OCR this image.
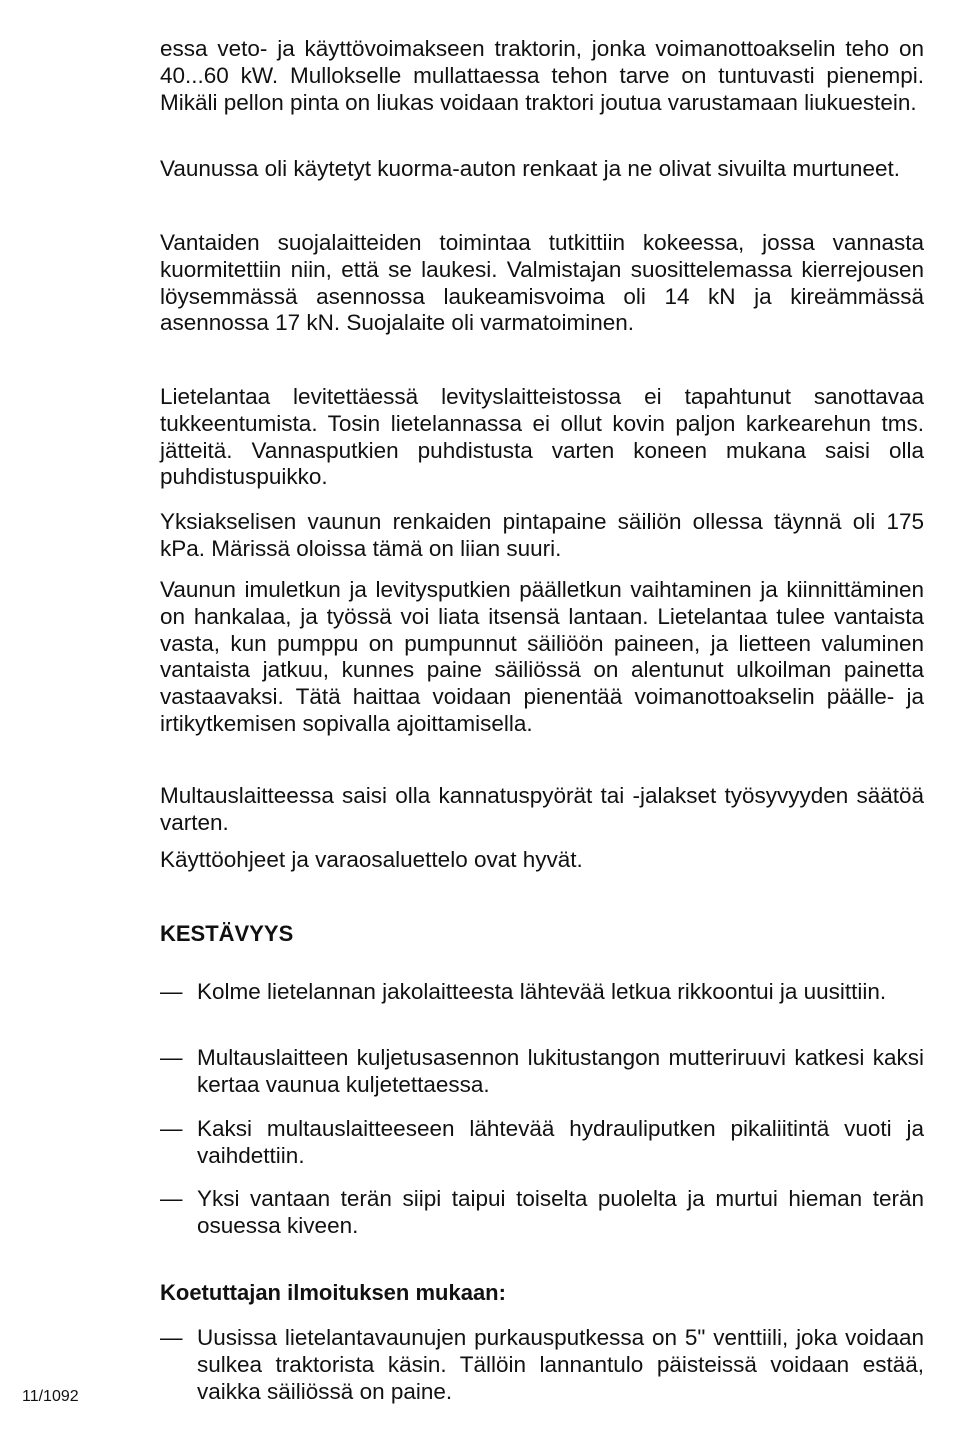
essa veto- ja käyttövoimakseen traktorin, jonka voimanottoakselin teho on 40...60 kW. Mullokselle mullattaessa tehon tarve on tuntuvasti pienempi. Mikäli pellon pinta on liukas voidaan traktori joutua varustamaan liukuestein.

Vaunussa oli käytetyt kuorma-auton renkaat ja ne olivat sivuilta murtuneet.

Vantaiden suojalaitteiden toimintaa tutkittiin kokeessa, jossa vannasta kuormitettiin niin, että se laukesi. Valmistajan suosittelemassa kierrejousen löysemmässä asennossa laukeamisvoima oli 14 kN ja kireämmässä asennossa 17 kN. Suojalaite oli varmatoiminen.

Lietelantaa levitettäessä levityslaitteistossa ei tapahtunut sanottavaa tukkeentumista. Tosin lietelannassa ei ollut kovin paljon karkearehun tms. jätteitä. Vannasputkien puhdistusta varten koneen mukana saisi olla puhdistuspuikko.

Yksiakselisen vaunun renkaiden pintapaine säiliön ollessa täynnä oli 175 kPa. Märissä oloissa tämä on liian suuri.

Vaunun imuletkun ja levitysputkien päälletkun vaihtaminen ja kiinnittäminen on hankalaa, ja työssä voi liata itsensä lantaan. Lietelantaa tulee vantaista vasta, kun pumppu on pumpunnut säiliöön paineen, ja lietteen valuminen vantaista jatkuu, kunnes paine säiliössä on alentunut ulkoilman painetta vastaavaksi. Tätä haittaa voidaan pienentää voimanottoakselin päälle- ja irtikytkemisen sopivalla ajoittamisella.

Multauslaitteessa saisi olla kannatuspyörät tai -jalakset työsyvyyden säätöä varten.

Käyttöohjeet ja varaosaluettelo ovat hyvät.

KESTÄVYYS
— Kolme lietelannan jakolaitteesta lähtevää letkua rikkoontui ja uusittiin.

— Multauslaitteen kuljetusasennon lukitustangon mutteriruuvi katkesi kaksi kertaa vaunua kuljetettaessa.

— Kaksi multauslaitteeseen lähtevää hydrauliputken pikaliitintä vuoti ja vaihdettiin.

— Yksi vantaan terän siipi taipui toiselta puolelta ja murtui hieman terän osuessa kiveen.

Koetuttajan ilmoituksen mukaan:
— Uusissa lietelantavaunujen purkausputkessa on 5" venttiili, joka voidaan sulkea traktorista käsin. Tällöin lannantulo päisteissä voidaan estää, vaikka säiliössä on paine.

11/1092
